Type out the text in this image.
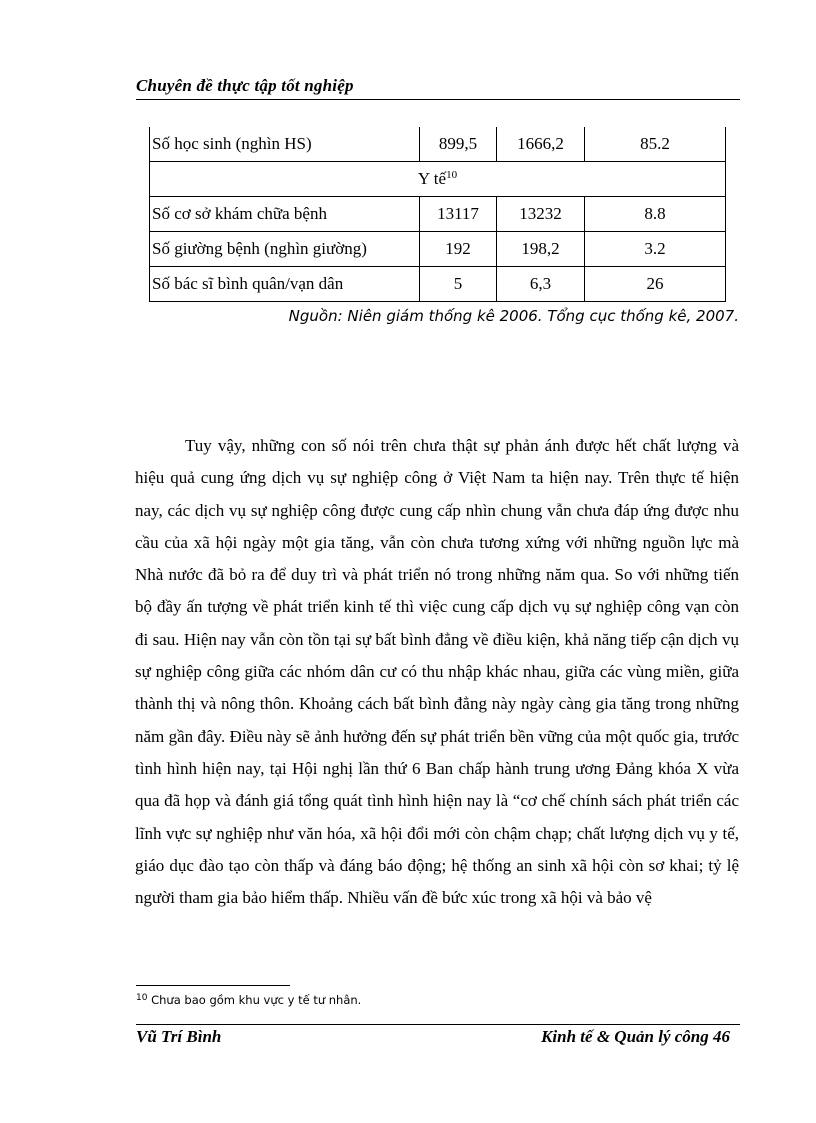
Chuyên đề thực tập tốt nghiệp
Số học sinh (nghìn HS)	899,5	1666,2	85.2
Y tế$^{10}$
Số cơ sở khám chữa bệnh	13117	13232	8.8
Số giường bệnh (nghìn giường)	192	198,2	3.2
Số bác sĩ bình quân/vạn dân	5	6,3	26
Nguồn: Niên giám thống kê 2006. Tổng cục thống kê, 2007.

Tuy vậy, những con số nói trên chưa thật sự phản ánh được hết chất lượng và hiệu quả cung ứng dịch vụ sự nghiệp công ở Việt Nam ta hiện nay. Trên thực tế hiện nay, các dịch vụ sự nghiệp công được cung cấp nhìn chung vẫn chưa đáp ứng được nhu cầu của xã hội ngày một gia tăng, vẫn còn chưa tương xứng với những nguồn lực mà Nhà nước đã bỏ ra để duy trì và phát triển nó trong những năm qua. So với những tiến bộ đầy ấn tượng về phát triển kinh tế thì việc cung cấp dịch vụ sự nghiệp công vạn còn đi sau. Hiện nay vẫn còn tồn tại sự bất bình đẳng về điều kiện, khả năng tiếp cận dịch vụ sự nghiệp công giữa các nhóm dân cư có thu nhập khác nhau, giữa các vùng miền, giữa thành thị và nông thôn. Khoảng cách bất bình đẳng này ngày càng gia tăng trong những năm gần đây. Điều này sẽ ảnh hưởng đến sự phát triển bền vững của một quốc gia, trước tình hình hiện nay, tại Hội nghị lần thứ 6 Ban chấp hành trung ương Đảng khóa X vừa qua đã họp và đánh giá tổng quát tình hình hiện nay là “cơ chế chính sách phát triển các lĩnh vực sự nghiệp như văn hóa, xã hội đổi mới còn chậm chạp; chất lượng dịch vụ y tế, giáo dục đào tạo còn thấp và đáng báo động; hệ thống an sinh xã hội còn sơ khai; tỷ lệ người tham gia bảo hiểm thấp. Nhiều vấn đề bức xúc trong xã hội và bảo vệ

$^{10}$ Chưa bao gồm khu vực y tế tư nhân.
Vũ Trí Bình	Kinh tế & Quản lý công 46
